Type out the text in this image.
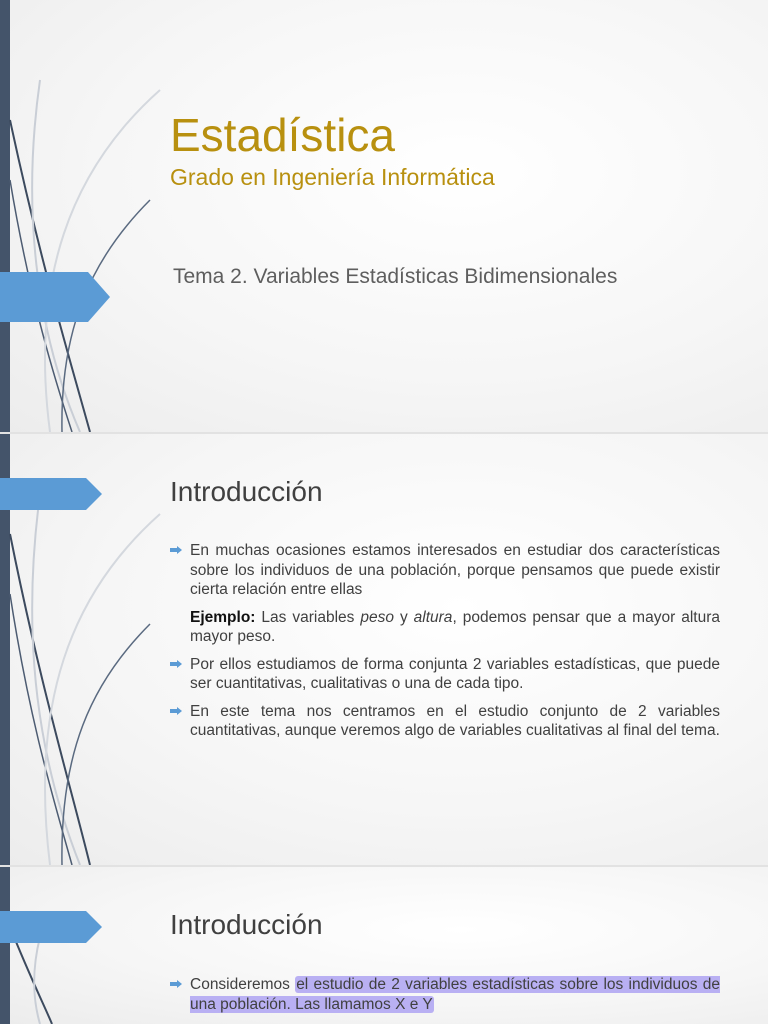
Estadística
Grado en Ingeniería Informática
Tema 2. Variables Estadísticas Bidimensionales
Introducción
En muchas ocasiones estamos interesados en estudiar dos características sobre los individuos de una población, porque pensamos que puede existir cierta relación entre ellas
Ejemplo: Las variables peso y altura, podemos pensar que a mayor altura mayor peso.
Por ellos estudiamos de forma conjunta 2 variables estadísticas, que puede ser cuantitativas, cualitativas o una de cada tipo.
En este tema nos centramos en el estudio conjunto de 2 variables cuantitativas, aunque veremos algo de variables cualitativas al final del tema.
Introducción
Consideremos el estudio de 2 variables estadísticas sobre los individuos de una población. Las llamamos X e Y
